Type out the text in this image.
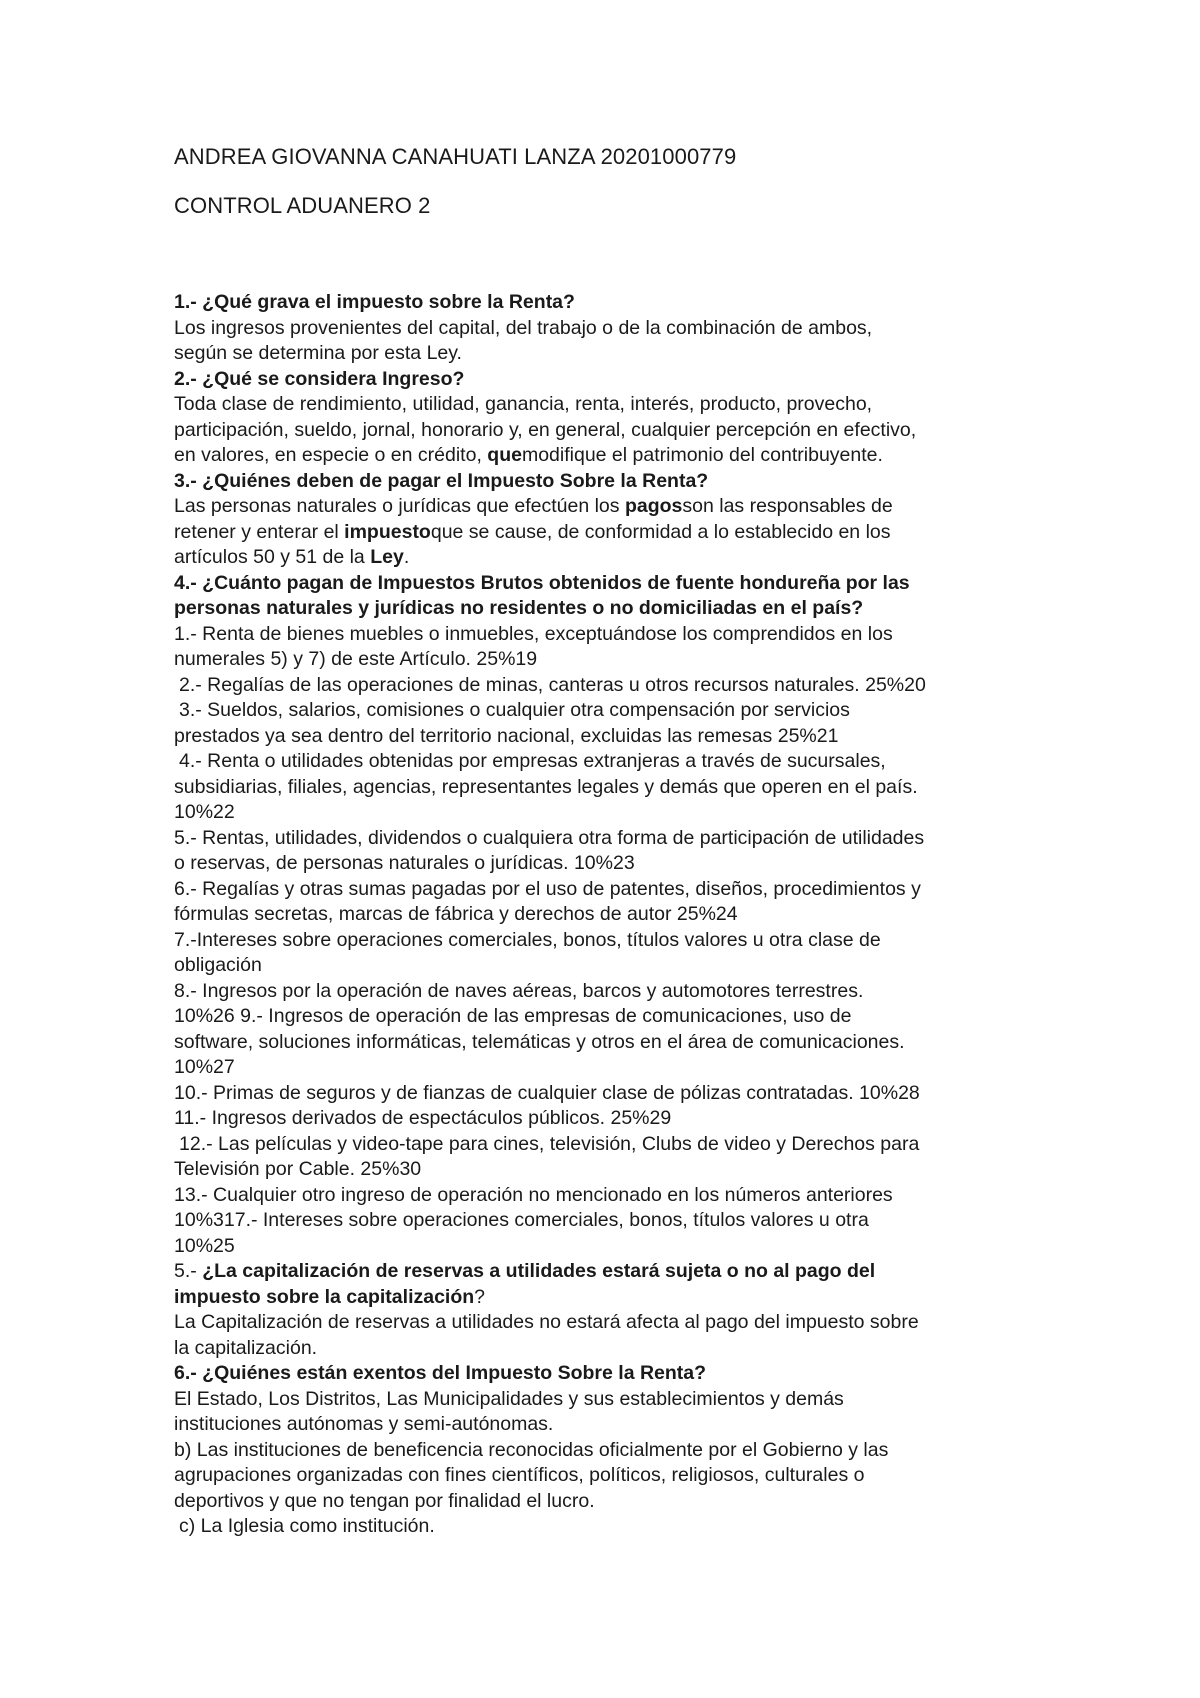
ANDREA GIOVANNA CANAHUATI LANZA 20201000779

CONTROL ADUANERO 2

1.- ¿Qué grava el impuesto sobre la Renta?

Los ingresos provenientes del capital, del trabajo o de la combinación de ambos,

según se determina por esta Ley.

2.- ¿Qué se considera Ingreso?

Toda clase de rendimiento, utilidad, ganancia, renta, interés, producto, provecho,

participación, sueldo, jornal, honorario y, en general, cualquier percepción en efectivo,

en valores, en especie o en crédito, quemodifique el patrimonio del contribuyente.

3.- ¿Quiénes deben de pagar el Impuesto Sobre la Renta?

Las personas naturales o jurídicas que efectúen los pagosson las responsables de

retener y enterar el impuestoque se cause, de conformidad a lo establecido en los

artículos 50 y 51 de la Ley.

4.- ¿Cuánto pagan de Impuestos Brutos obtenidos de fuente hondureña por las

personas naturales y jurídicas no residentes o no domiciliadas en el país?

1.- Renta de bienes muebles o inmuebles, exceptuándose los comprendidos en los

numerales 5) y 7) de este Artículo. 25%19

2.- Regalías de las operaciones de minas, canteras u otros recursos naturales. 25%20

3.- Sueldos, salarios, comisiones o cualquier otra compensación por servicios

prestados ya sea dentro del territorio nacional, excluidas las remesas 25%21

4.- Renta o utilidades obtenidas por empresas extranjeras a través de sucursales,

subsidiarias, filiales, agencias, representantes legales y demás que operen en el país.

10%22

5.- Rentas, utilidades, dividendos o cualquiera otra forma de participación de utilidades

o reservas, de personas naturales o jurídicas. 10%23

6.- Regalías y otras sumas pagadas por el uso de patentes, diseños, procedimientos y

fórmulas secretas, marcas de fábrica y derechos de autor 25%24

7.-Intereses sobre operaciones comerciales, bonos, títulos valores u otra clase de

obligación

8.- Ingresos por la operación de naves aéreas, barcos y automotores terrestres.

10%26 9.- Ingresos de operación de las empresas de comunicaciones, uso de

software, soluciones informáticas, telemáticas y otros en el área de comunicaciones.

10%27

10.- Primas de seguros y de fianzas de cualquier clase de pólizas contratadas. 10%28

11.- Ingresos derivados de espectáculos públicos. 25%29

12.- Las películas y video-tape para cines, televisión, Clubs de video y Derechos para

Televisión por Cable. 25%30

13.- Cualquier otro ingreso de operación no mencionado en los números anteriores

10%317.- Intereses sobre operaciones comerciales, bonos, títulos valores u otra

10%25

5.- ¿La capitalización de reservas a utilidades estará sujeta o no al pago del

impuesto sobre la capitalización?

La Capitalización de reservas a utilidades no estará afecta al pago del impuesto sobre

la capitalización.

6.- ¿Quiénes están exentos del Impuesto Sobre la Renta?

El Estado, Los Distritos, Las Municipalidades y sus establecimientos y demás

instituciones autónomas y semi-autónomas.

b) Las instituciones de beneficencia reconocidas oficialmente por el Gobierno y las

agrupaciones organizadas con fines científicos, políticos, religiosos, culturales o

deportivos y que no tengan por finalidad el lucro.

c) La Iglesia como institución.
